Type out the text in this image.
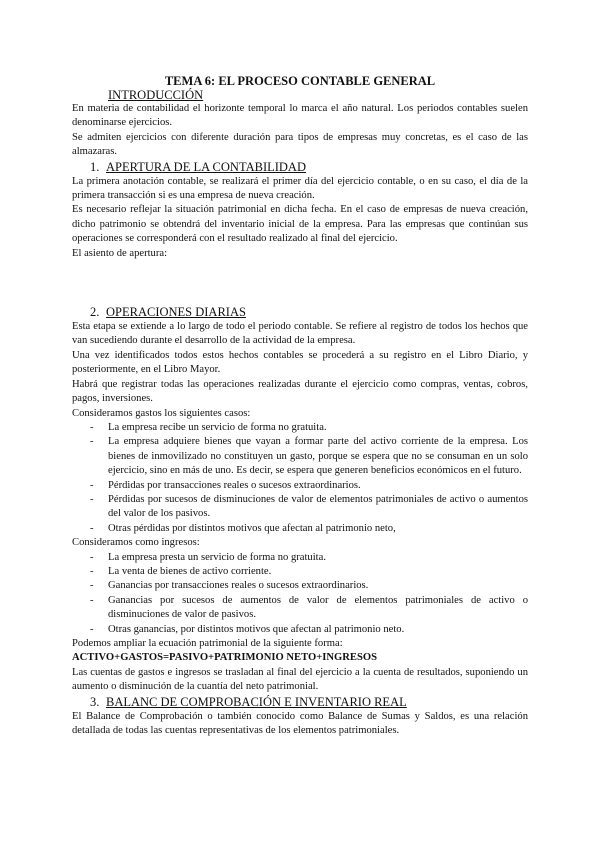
TEMA 6: EL PROCESO CONTABLE GENERAL

INTRODUCCIÓN

En materia de contabilidad el horizonte temporal lo marca el año natural. Los periodos contables suelen denominarse ejercicios.

Se admiten ejercicios con diferente duración para tipos de empresas muy concretas, es el caso de las almazaras.

1. APERTURA DE LA CONTABILIDAD

La primera anotación contable, se realizará el primer día del ejercicio contable, o en su caso, el día de la primera transacción si es una empresa de nueva creación.

Es necesario reflejar la situación patrimonial en dicha fecha. En el caso de empresas de nueva creación, dicho patrimonio se obtendrá del inventario inicial de la empresa. Para las empresas que continúan sus operaciones se corresponderá con el resultado realizado al final del ejercicio.

El asiento de apertura:

2. OPERACIONES DIARIAS

Esta etapa se extiende a lo largo de todo el periodo contable. Se refiere al registro de todos los hechos que van sucediendo durante el desarrollo de la actividad de la empresa.

Una vez identificados todos estos hechos contables se procederá a su registro en el Libro Diario, y posteriormente, en el Libro Mayor.

Habrá que registrar todas las operaciones realizadas durante el ejercicio como compras, ventas, cobros, pagos, inversiones.

Consideramos gastos los siguientes casos:

- La empresa recibe un servicio de forma no gratuita.
- La empresa adquiere bienes que vayan a formar parte del activo corriente de la empresa. Los bienes de inmovilizado no constituyen un gasto, porque se espera que no se consuman en un solo ejercicio, sino en más de uno. Es decir, se espera que generen beneficios económicos en el futuro.
- Pérdidas por transacciones reales o sucesos extraordinarios.
- Pérdidas por sucesos de disminuciones de valor de elementos patrimoniales de activo o aumentos del valor de los pasivos.
- Otras pérdidas por distintos motivos que afectan al patrimonio neto,

Consideramos como ingresos:

- La empresa presta un servicio de forma no gratuita.
- La venta de bienes de activo corriente.
- Ganancias por transacciones reales o sucesos extraordinarios.
- Ganancias por sucesos de aumentos de valor de elementos patrimoniales de activo o disminuciones de valor de pasivos.
- Otras ganancias, por distintos motivos que afectan al patrimonio neto.

Podemos ampliar la ecuación patrimonial de la siguiente forma:

ACTIVO+GASTOS=PASIVO+PATRIMONIO NETO+INGRESOS

Las cuentas de gastos e ingresos se trasladan al final del ejercicio a la cuenta de resultados, suponiendo un aumento o disminución de la cuantía del neto patrimonial.

3. BALANC DE COMPROBACIÓN E INVENTARIO REAL

El Balance de Comprobación o también conocido como Balance de Sumas y Saldos, es una relación detallada de todas las cuentas representativas de los elementos patrimoniales.
